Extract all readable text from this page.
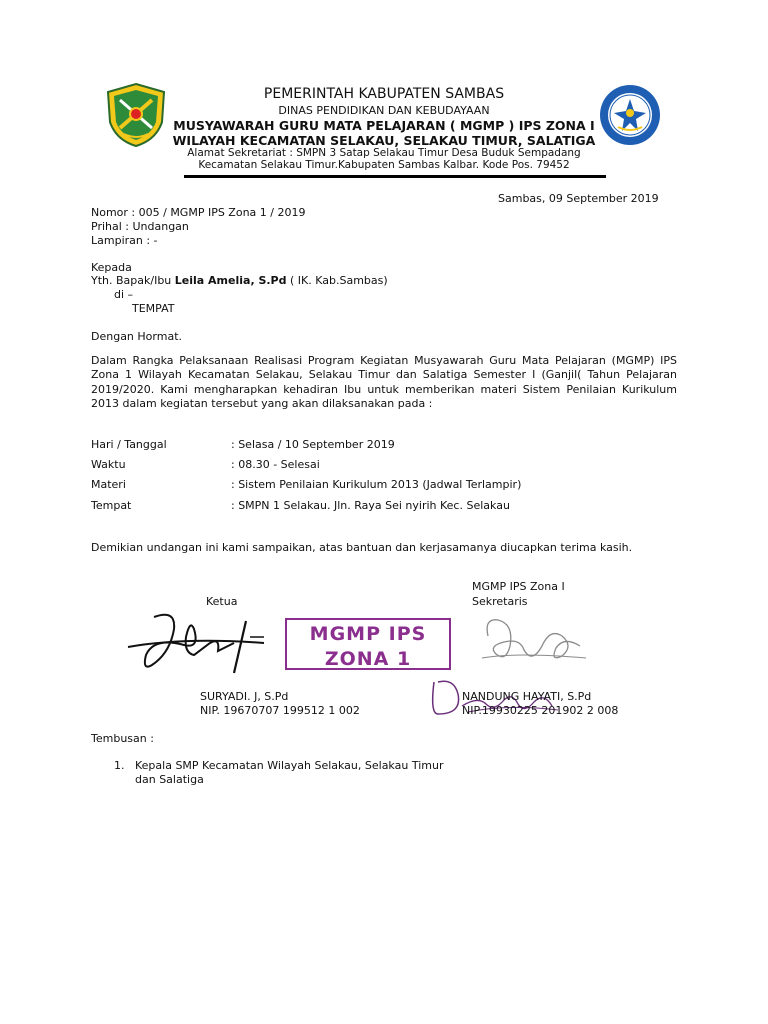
PEMERINTAH KABUPATEN SAMBAS
DINAS PENDIDIKAN DAN KEBUDAYAAN
MUSYAWARAH GURU MATA PELAJARAN ( MGMP ) IPS ZONA I
WILAYAH KECAMATAN SELAKAU, SELAKAU TIMUR, SALATIGA
Alamat Sekretariat : SMPN 3 Satap Selakau Timur Desa Buduk Sempadang
Kecamatan Selakau Timur.Kabupaten Sambas Kalbar. Kode Pos. 79452
Sambas, 09 September 2019
Nomor : 005 / MGMP IPS Zona 1 / 2019
Prihal : Undangan
Lampiran : -
Kepada
Yth. Bapak/Ibu Leila Amelia, S.Pd ( IK. Kab.Sambas)
di –
TEMPAT
Dengan Hormat.
Dalam Rangka Pelaksanaan Realisasi Program Kegiatan Musyawarah Guru Mata Pelajaran (MGMP) IPS Zona 1 Wilayah Kecamatan Selakau, Selakau Timur dan Salatiga Semester I (Ganjil( Tahun Pelajaran 2019/2020. Kami mengharapkan kehadiran Ibu untuk memberikan materi Sistem Penilaian Kurikulum 2013 dalam kegiatan tersebut yang akan dilaksanakan pada :
Hari / Tanggal	: Selasa / 10 September 2019
Waktu	: 08.30 - Selesai
Materi	: Sistem Penilaian Kurikulum 2013 (Jadwal Terlampir)
Tempat	: SMPN 1 Selakau. Jln. Raya Sei nyirih Kec. Selakau
Demikian undangan ini kami sampaikan, atas bantuan dan kerjasamanya diucapkan terima kasih.
MGMP IPS Zona I
Ketua	Sekretaris
MGMP IPS
ZONA 1
SURYADI. J, S.Pd	NANDUNG HAYATI, S.Pd
NIP. 19670707 199512 1 002	NIP.19930225 201902 2 008
Tembusan :
1. Kepala SMP Kecamatan Wilayah Selakau, Selakau Timur
dan Salatiga
